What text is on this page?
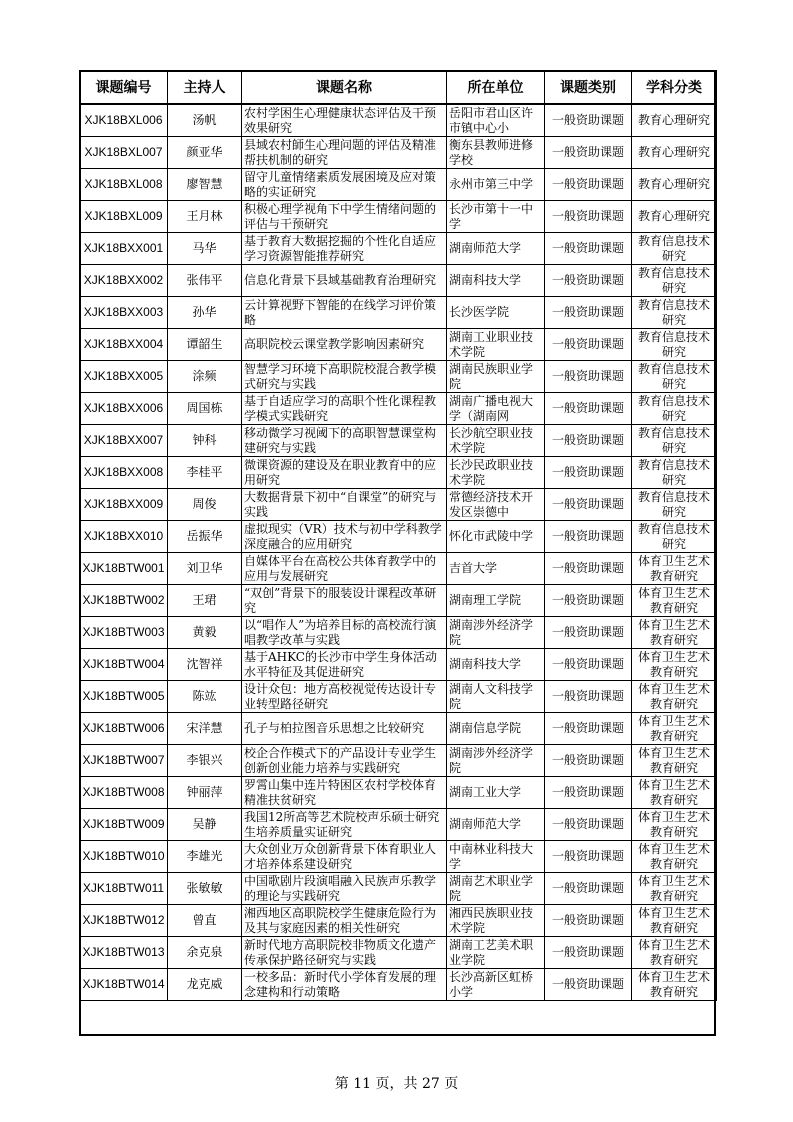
课题编号	主持人	课题名称	所在单位	课题类别	学科分类

XJK18BXL006	汤帆	农村学困生心理健康状态评估及干预效果研究	岳阳市君山区许市镇中心小	一般资助课题	教育心理研究

XJK18BXL007	颜亚华	县域农村師生心理问题的评估及精准帮扶机制的研究	衡东县教师进修学校	一般资助课题	教育心理研究

XJK18BXL008	廖智慧	留守儿童情绪素质发展困境及应对策略的实证研究	永州市第三中学	一般资助课题	教育心理研究

XJK18BXL009	王月林	积极心理学视角下中学生情绪问题的评估与干预研究	长沙市第十一中学	一般资助课题	教育心理研究

XJK18BXX001	马华	基于教育大数据挖掘的个性化自适应学习资源智能推荐研究	湖南师范大学	一般资助课题	教育信息技术研究

XJK18BXX002	张伟平	信息化背景下县域基础教育治理研究	湖南科技大学	一般资助课题	教育信息技术研究

XJK18BXX003	孙华	云计算视野下智能的在线学习评价策略	长沙医学院	一般资助课题	教育信息技术研究

XJK18BXX004	谭韶生	高职院校云课堂教学影响因素研究	湖南工业职业技术学院	一般资助课题	教育信息技术研究

XJK18BXX005	涂频	智慧学习环境下高职院校混合教学模式研究与实践	湖南民族职业学院	一般资助课题	教育信息技术研究

XJK18BXX006	周国栋	基于自适应学习的高职个性化课程教学模式实践研究	湖南广播电视大学（湖南网	一般资助课题	教育信息技术研究

XJK18BXX007	钟科	移动微学习视阈下的高职智慧课堂构建研究与实践	长沙航空职业技术学院	一般资助课题	教育信息技术研究

XJK18BXX008	李桂平	微课资源的建设及在职业教育中的应用研究	长沙民政职业技术学院	一般资助课题	教育信息技术研究

XJK18BXX009	周俊	大数据背景下初中“自课堂”的研究与实践	常德经济技术开发区崇德中	一般资助课题	教育信息技术研究

XJK18BXX010	岳振华	虚拟现实（VR）技术与初中学科教学深度融合的应用研究	怀化市武陵中学	一般资助课题	教育信息技术研究

XJK18BTW001	刘卫华	自媒体平台在高校公共体育教学中的应用与发展研究	吉首大学	一般资助课题	体育卫生艺术教育研究

XJK18BTW002	王珺	“双创”背景下的服装设计课程改革研究	湖南理工学院	一般资助课题	体育卫生艺术教育研究

XJK18BTW003	黄毅	以“唱作人”为培养目标的高校流行演唱教学改革与实践	湖南涉外经济学院	一般资助课题	体育卫生艺术教育研究

XJK18BTW004	沈智祥	基于AHKC的长沙市中学生身体活动水平特征及其促进研究	湖南科技大学	一般资助课题	体育卫生艺术教育研究

XJK18BTW005	陈竑	设计众包：地方高校视觉传达设计专业转型路径研究	湖南人文科技学院	一般资助课题	体育卫生艺术教育研究

XJK18BTW006	宋洋慧	孔子与柏拉图音乐思想之比较研究	湖南信息学院	一般资助课题	体育卫生艺术教育研究

XJK18BTW007	李银兴	校企合作模式下的产品设计专业学生创新创业能力培养与实践研究	湖南涉外经济学院	一般资助课题	体育卫生艺术教育研究

XJK18BTW008	钟丽萍	罗霄山集中连片特困区农村学校体育精准扶贫研究	湖南工业大学	一般资助课题	体育卫生艺术教育研究

XJK18BTW009	吴静	我国12所高等艺术院校声乐硕士研究生培养质量实证研究	湖南师范大学	一般资助课题	体育卫生艺术教育研究

XJK18BTW010	李雄光	大众创业万众创新背景下体育职业人才培养体系建设研究	中南林业科技大学	一般资助课题	体育卫生艺术教育研究

XJK18BTW011	张敏敏	中国歌剧片段演唱融入民族声乐教学的理论与实践研究	湖南艺术职业学院	一般资助课题	体育卫生艺术教育研究

XJK18BTW012	曾直	湘西地区高职院校学生健康危险行为及其与家庭因素的相关性研究	湘西民族职业技术学院	一般资助课题	体育卫生艺术教育研究

XJK18BTW013	余克泉	新时代地方高职院校非物质文化遗产传承保护路径研究与实践	湖南工艺美术职业学院	一般资助课题	体育卫生艺术教育研究

XJK18BTW014	龙克威	一校多品：新时代小学体育发展的理念建构和行动策略	长沙高新区虹桥小学	一般资助课题	体育卫生艺术教育研究
第 11 页，共 27 页
